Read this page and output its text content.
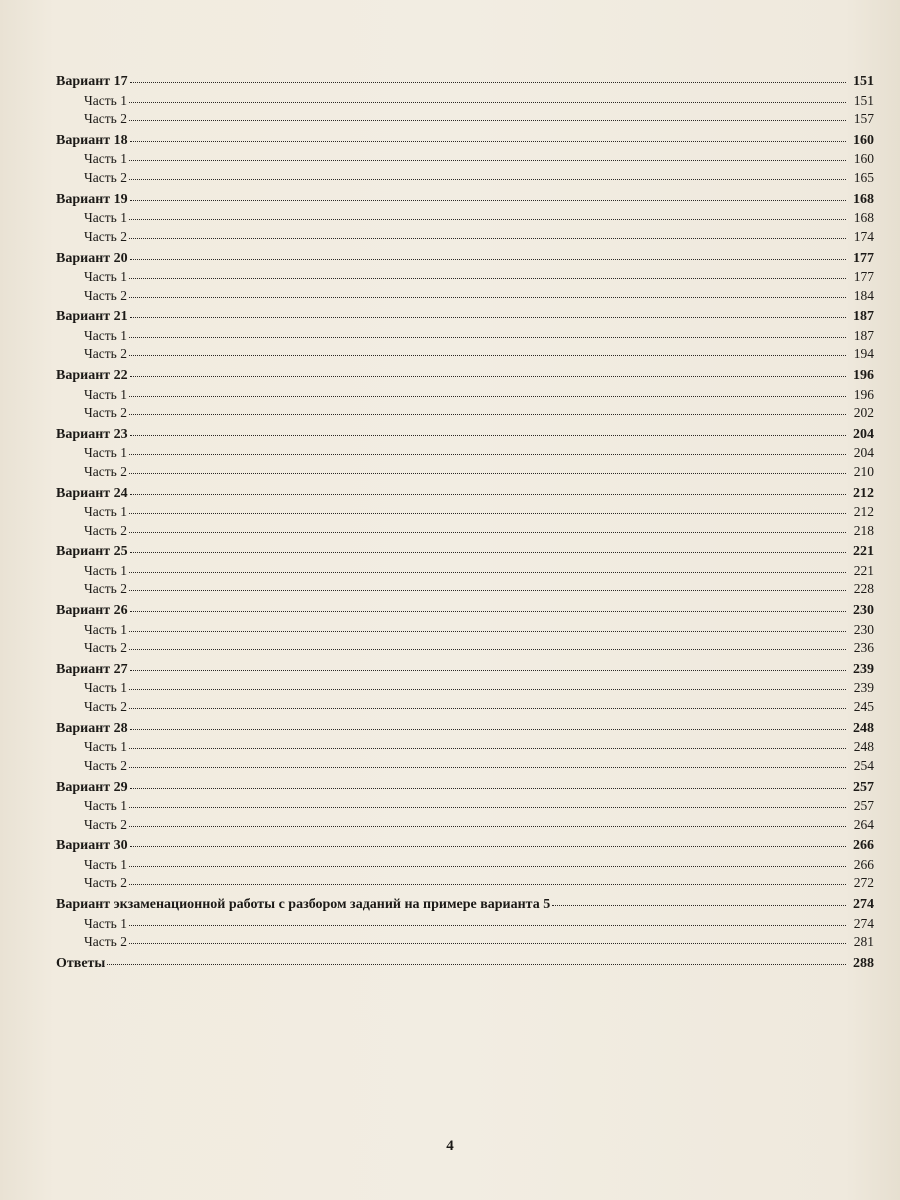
Вариант 17	151
Часть 1	151
Часть 2	157
Вариант 18	160
Часть 1	160
Часть 2	165
Вариант 19	168
Часть 1	168
Часть 2	174
Вариант 20	177
Часть 1	177
Часть 2	184
Вариант 21	187
Часть 1	187
Часть 2	194
Вариант 22	196
Часть 1	196
Часть 2	202
Вариант 23	204
Часть 1	204
Часть 2	210
Вариант 24	212
Часть 1	212
Часть 2	218
Вариант 25	221
Часть 1	221
Часть 2	228
Вариант 26	230
Часть 1	230
Часть 2	236
Вариант 27	239
Часть 1	239
Часть 2	245
Вариант 28	248
Часть 1	248
Часть 2	254
Вариант 29	257
Часть 1	257
Часть 2	264
Вариант 30	266
Часть 1	266
Часть 2	272
Вариант экзаменационной работы с разбором заданий на примере варианта 5	274
Часть 1	274
Часть 2	281
Ответы	288
4
